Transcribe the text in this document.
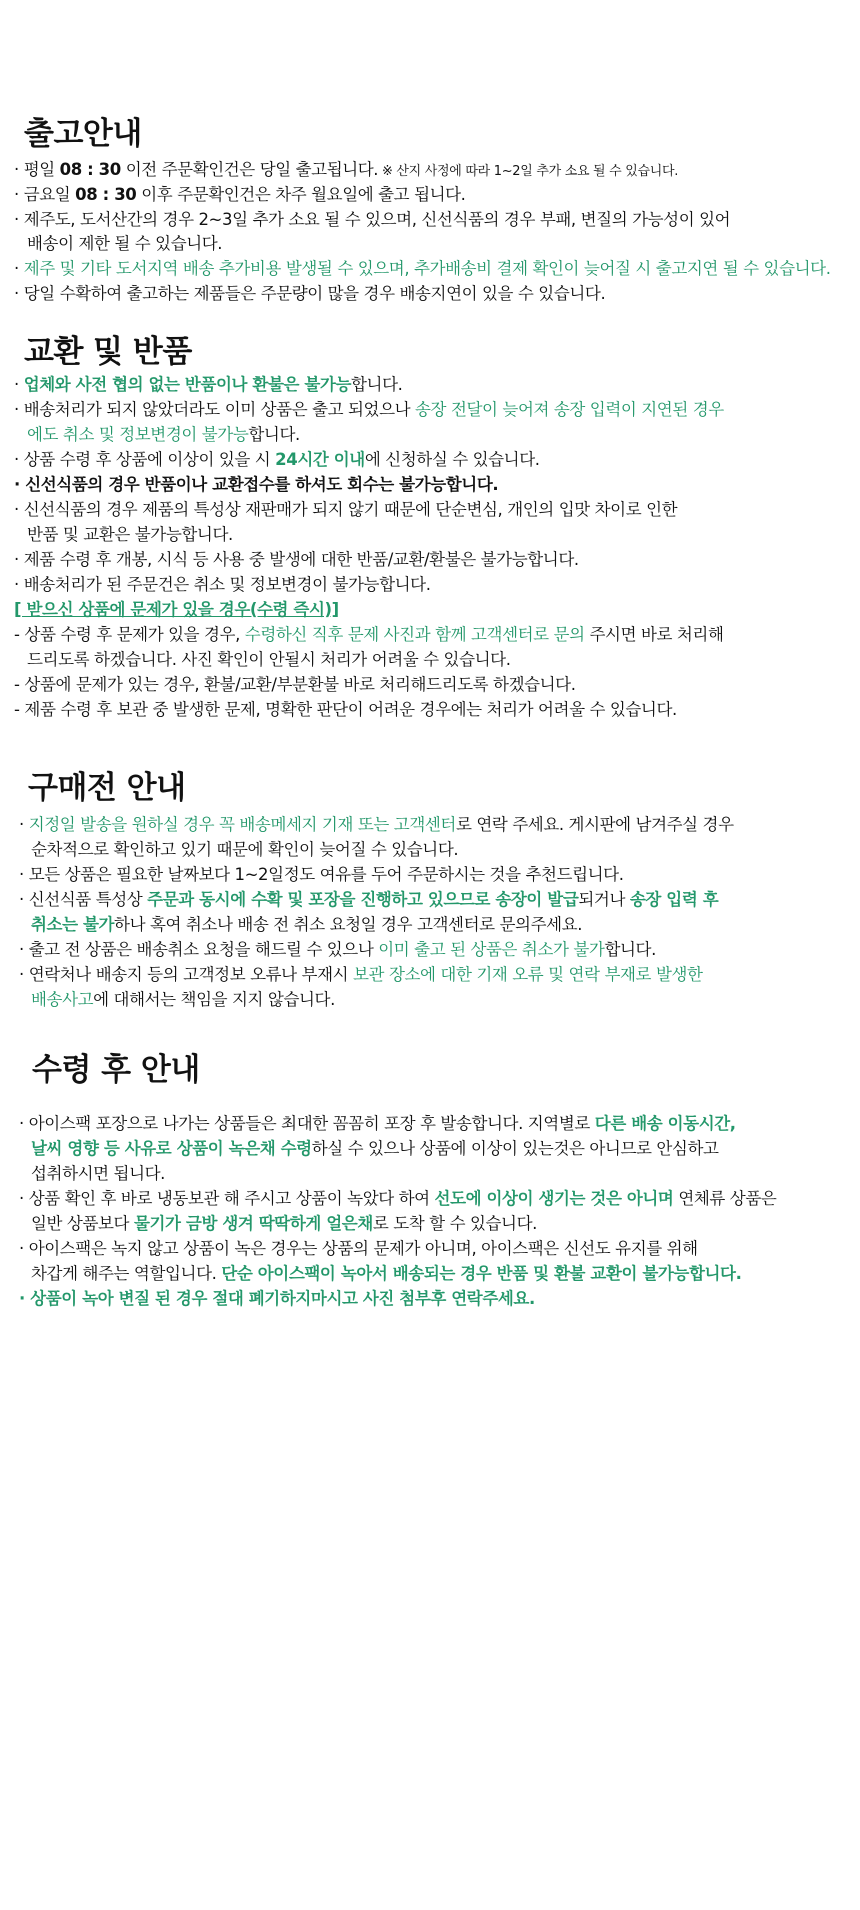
출고안내
· 평일 08 : 30 이전 주문확인건은 당일 출고됩니다. ※ 산지 사정에 따라 1~2일 추가 소요 될 수 있습니다.
· 금요일 08 : 30 이후 주문확인건은 차주 월요일에 출고 됩니다.
· 제주도, 도서산간의 경우 2~3일 추가 소요 될 수 있으며, 신선식품의 경우 부패, 변질의 가능성이 있어
배송이 제한 될 수 있습니다.
· 제주 및 기타 도서지역 배송 추가비용 발생될 수 있으며, 추가배송비 결제 확인이 늦어질 시 출고지연 될 수 있습니다.
· 당일 수확하여 출고하는 제품들은 주문량이 많을 경우 배송지연이 있을 수 있습니다.
교환 및 반품
· 업체와 사전 협의 없는 반품이나 환불은 불가능합니다.
· 배송처리가 되지 않았더라도 이미 상품은 출고 되었으나 송장 전달이 늦어져 송장 입력이 지연된 경우
에도 취소 및 정보변경이 불가능합니다.
· 상품 수령 후 상품에 이상이 있을 시 24시간 이내에 신청하실 수 있습니다.
· 신선식품의 경우 반품이나 교환접수를 하셔도 회수는 불가능합니다.
· 신선식품의 경우 제품의 특성상 재판매가 되지 않기 때문에 단순변심, 개인의 입맛 차이로 인한
반품 및 교환은 불가능합니다.
· 제품 수령 후 개봉, 시식 등 사용 중 발생에 대한 반품/교환/환불은 불가능합니다.
· 배송처리가 된 주문건은 취소 및 정보변경이 불가능합니다.
[ 받으신 상품에 문제가 있을 경우(수령 즉시)]
- 상품 수령 후 문제가 있을 경우, 수령하신 직후 문제 사진과 함께 고객센터로 문의 주시면 바로 처리해
드리도록 하겠습니다. 사진 확인이 안될시 처리가 어려울 수 있습니다.
- 상품에 문제가 있는 경우, 환불/교환/부분환불 바로 처리해드리도록 하겠습니다.
- 제품 수령 후 보관 중 발생한 문제, 명확한 판단이 어려운 경우에는 처리가 어려울 수 있습니다.
구매전 안내
· 지정일 발송을 원하실 경우 꼭 배송메세지 기재 또는 고객센터로 연락 주세요. 게시판에 남겨주실 경우
순차적으로 확인하고 있기 때문에 확인이 늦어질 수 있습니다.
· 모든 상품은 필요한 날짜보다 1~2일정도 여유를 두어 주문하시는 것을 추천드립니다.
· 신선식품 특성상 주문과 동시에 수확 및 포장을 진행하고 있으므로 송장이 발급되거나 송장 입력 후
취소는 불가하나 혹여 취소나 배송 전 취소 요청일 경우 고객센터로 문의주세요.
· 출고 전 상품은 배송취소 요청을 해드릴 수 있으나 이미 출고 된 상품은 취소가 불가합니다.
· 연락처나 배송지 등의 고객정보 오류나 부재시 보관 장소에 대한 기재 오류 및 연락 부재로 발생한
배송사고에 대해서는 책임을 지지 않습니다.
수령 후 안내
· 아이스팩 포장으로 나가는 상품들은 최대한 꼼꼼히 포장 후 발송합니다. 지역별로 다른 배송 이동시간,
날씨 영향 등 사유로 상품이 녹은채 수령하실 수 있으나 상품에 이상이 있는것은 아니므로 안심하고
섭취하시면 됩니다.
· 상품 확인 후 바로 냉동보관 해 주시고 상품이 녹았다 하여 선도에 이상이 생기는 것은 아니며 연체류 상품은
일반 상품보다 물기가 금방 생겨 딱딱하게 얼은채로 도착 할 수 있습니다.
· 아이스팩은 녹지 않고 상품이 녹은 경우는 상품의 문제가 아니며, 아이스팩은 신선도 유지를 위해
차갑게 해주는 역할입니다. 단순 아이스팩이 녹아서 배송되는 경우 반품 및 환불 교환이 불가능합니다.
· 상품이 녹아 변질 된 경우 절대 폐기하지마시고 사진 첨부후 연락주세요.
